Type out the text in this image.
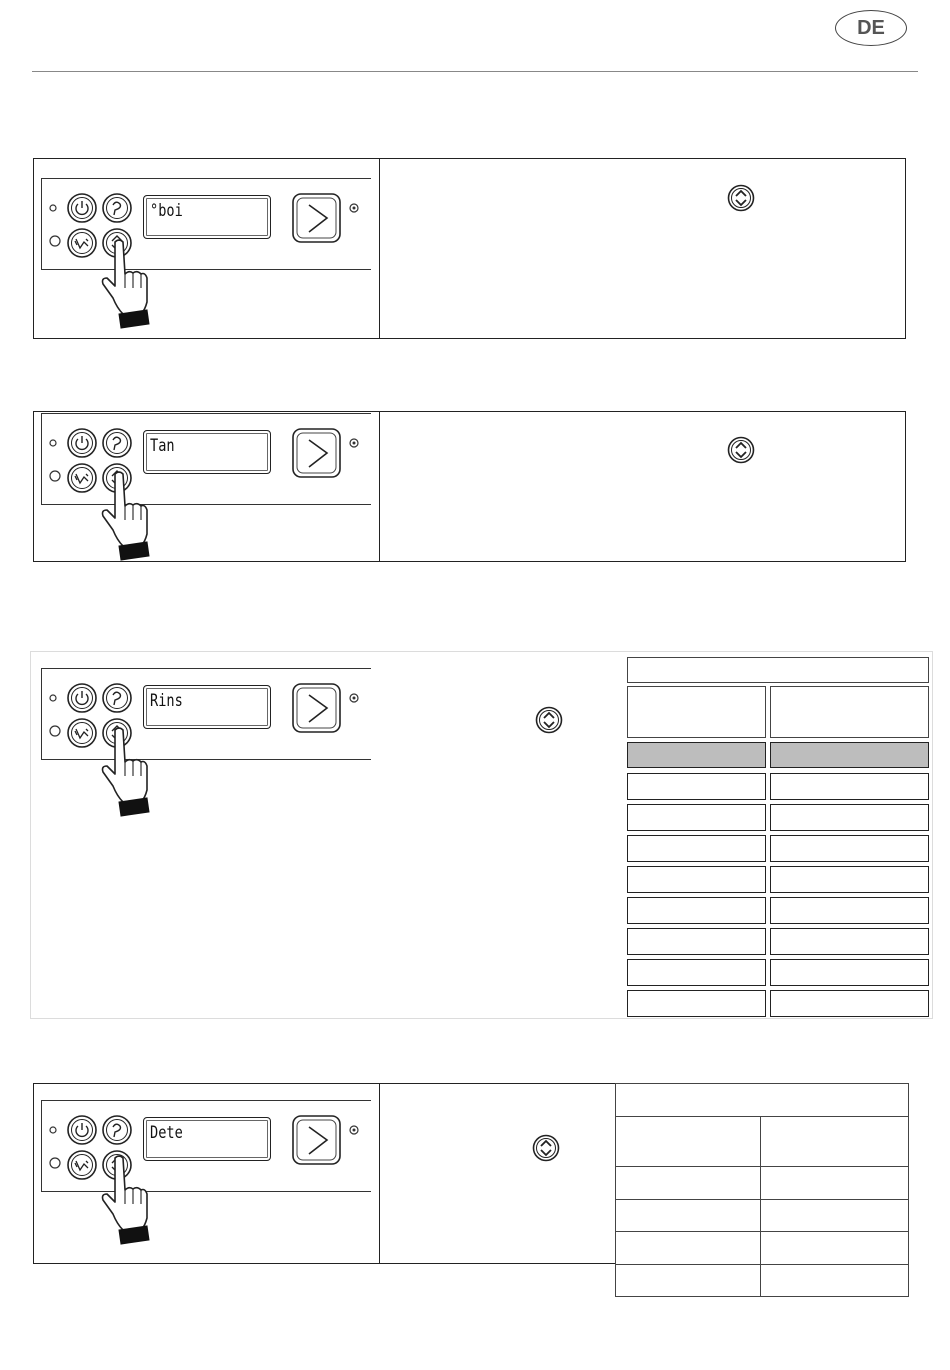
DE
°boi
Tan
Rins
Dete
